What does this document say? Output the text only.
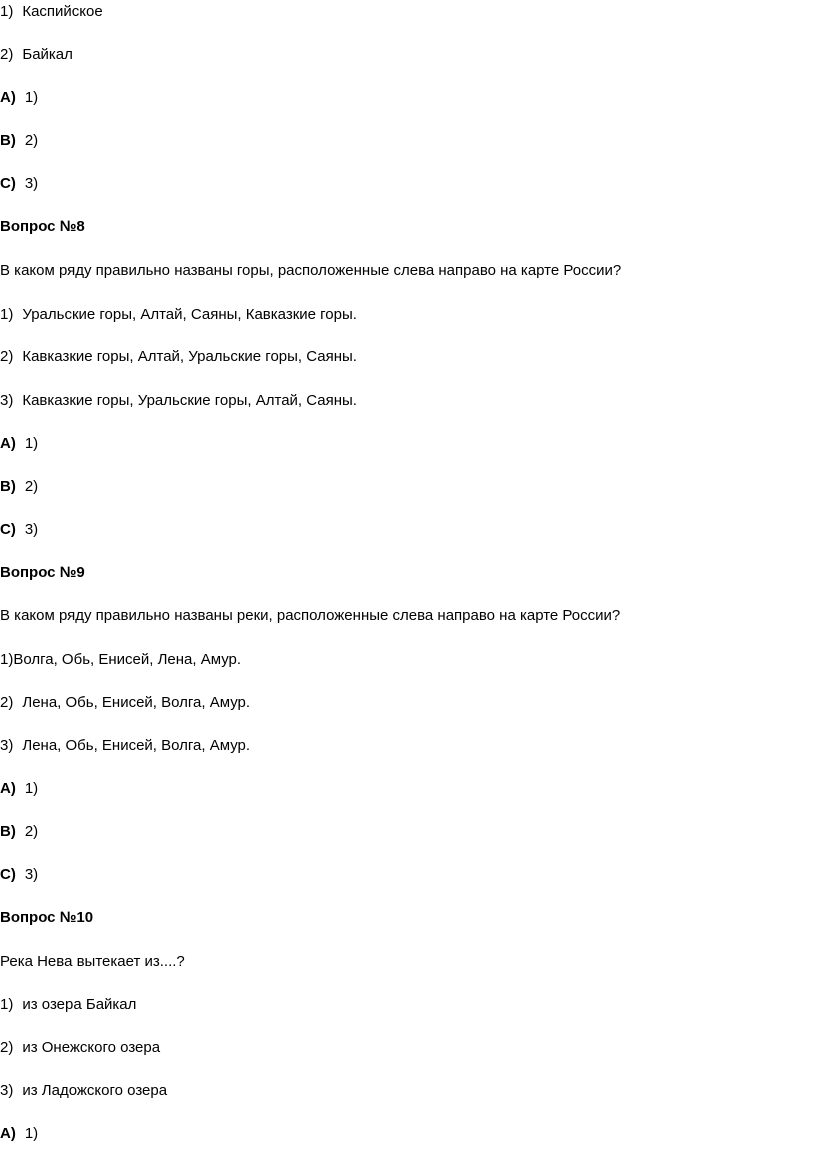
1) Каспийское
2) Байкал
A) 1)
B) 2)
C) 3)
Вопрос №8
В каком ряду правильно названы горы, расположенные слева направо на карте России?
1) Уральские горы, Алтай, Саяны, Кавказкие горы.
2) Кавказкие горы, Алтай, Уральские горы, Саяны.
3) Кавказкие горы, Уральские горы, Алтай, Саяны.
A) 1)
B) 2)
C) 3)
Вопрос №9
В каком ряду правильно названы реки, расположенные слева направо на карте России?
1)Волга, Обь, Енисей, Лена, Амур.
2) Лена, Обь, Енисей, Волга, Амур.
3) Лена, Обь, Енисей, Волга, Амур.
A) 1)
B) 2)
C) 3)
Вопрос №10
Река Нева вытекает из....?
1) из озера Байкал
2) из Онежского озера
3) из Ладожского озера
A) 1)
